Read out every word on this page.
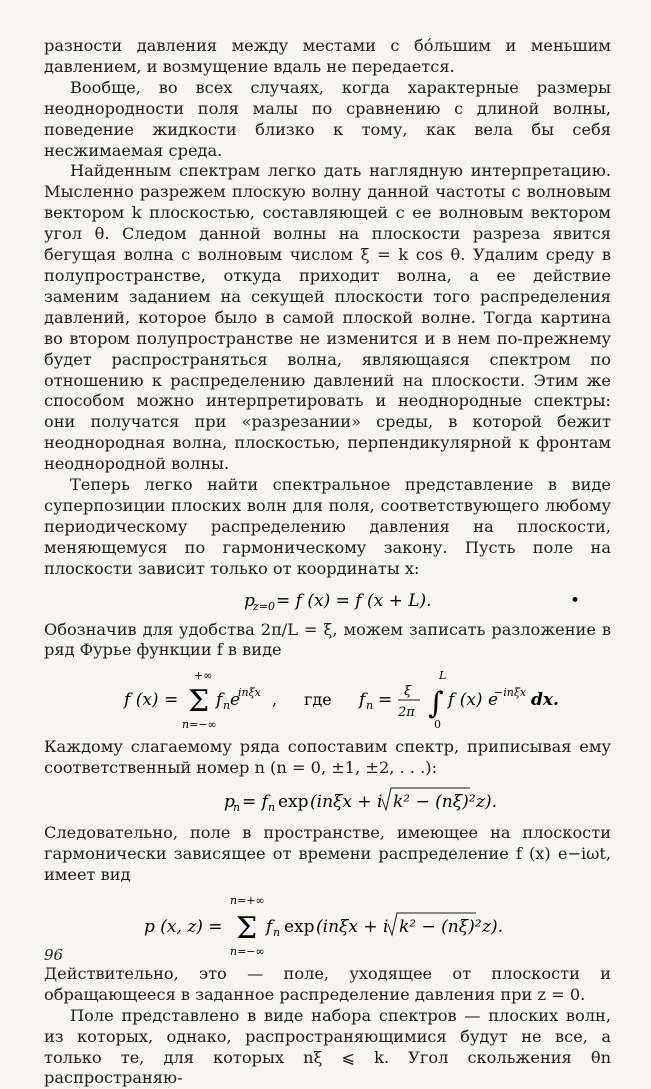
разности давления между местами с бо́льшим и меньшим давлением, и возмущение вдаль не передается.

Вообще, во всех случаях, когда характерные размеры неоднородности поля малы по сравнению с длиной волны, поведение жидкости близко к тому, как вела бы себя несжимаемая среда.

Найденным спектрам легко дать наглядную интерпретацию. Мысленно разрежем плоскую волну данной частоты с волновым вектором k плоскостью, составляющей с ее волновым вектором угол θ. Следом данной волны на плоскости разреза явится бегущая волна с волновым числом ξ = k cos θ. Удалим среду в полупространстве, откуда приходит волна, а ее действие заменим заданием на секущей плоскости того распределения давлений, которое было в самой плоской волне. Тогда картина во втором полупространстве не изменится и в нем по-прежнему будет распространяться волна, являющаяся спектром по отношению к распределению давлений на плоскости. Этим же способом можно интерпретировать и неоднородные спектры: они получатся при «разрезании» среды, в которой бежит неоднородная волна, плоскостью, перпендикулярной к фронтам неоднородной волны.

Теперь легко найти спектральное представление в виде суперпозиции плоских волн для поля, соответствующего любому периодическому распределению давления на плоскости, меняющемуся по гармоническому закону. Пусть поле на плоскости зависит только от координаты x:

p
z=0 = f (x) = f (x + L).	•

Обозначив для удобства 2π/L = ξ, можем записать разложение в ряд Фурье функции f в виде

f (x) =
+∞
Σ
n=−∞
f n e
inξx , где f n = ξ
2π ∫
L
0
f (x) e
−inξx dx.

Каждому слагаемому ряда сопоставим спектр, приписывая ему соответственный номер n (n = 0, ±1, ±2, . . .):

p
n = f n exp (inξx + i k² − (nξ)² z).

Следовательно, поле в пространстве, имеющее на плоскости гармонически зависящее от времени распределение f (x) e−iωt, имеет вид

p (x, z) =
n=+∞
Σ
n=−∞
f n exp (inξx + i k² − (nξ)² z).

Действительно, это — поле, уходящее от плоскости и обращающееся в заданное распределение давления при z = 0.

Поле представлено в виде набора спектров — плоских волн, из которых, однако, распространяющимися будут не все, а только те, для которых nξ ⩽ k. Угол скольжения θn распространяю-

96
